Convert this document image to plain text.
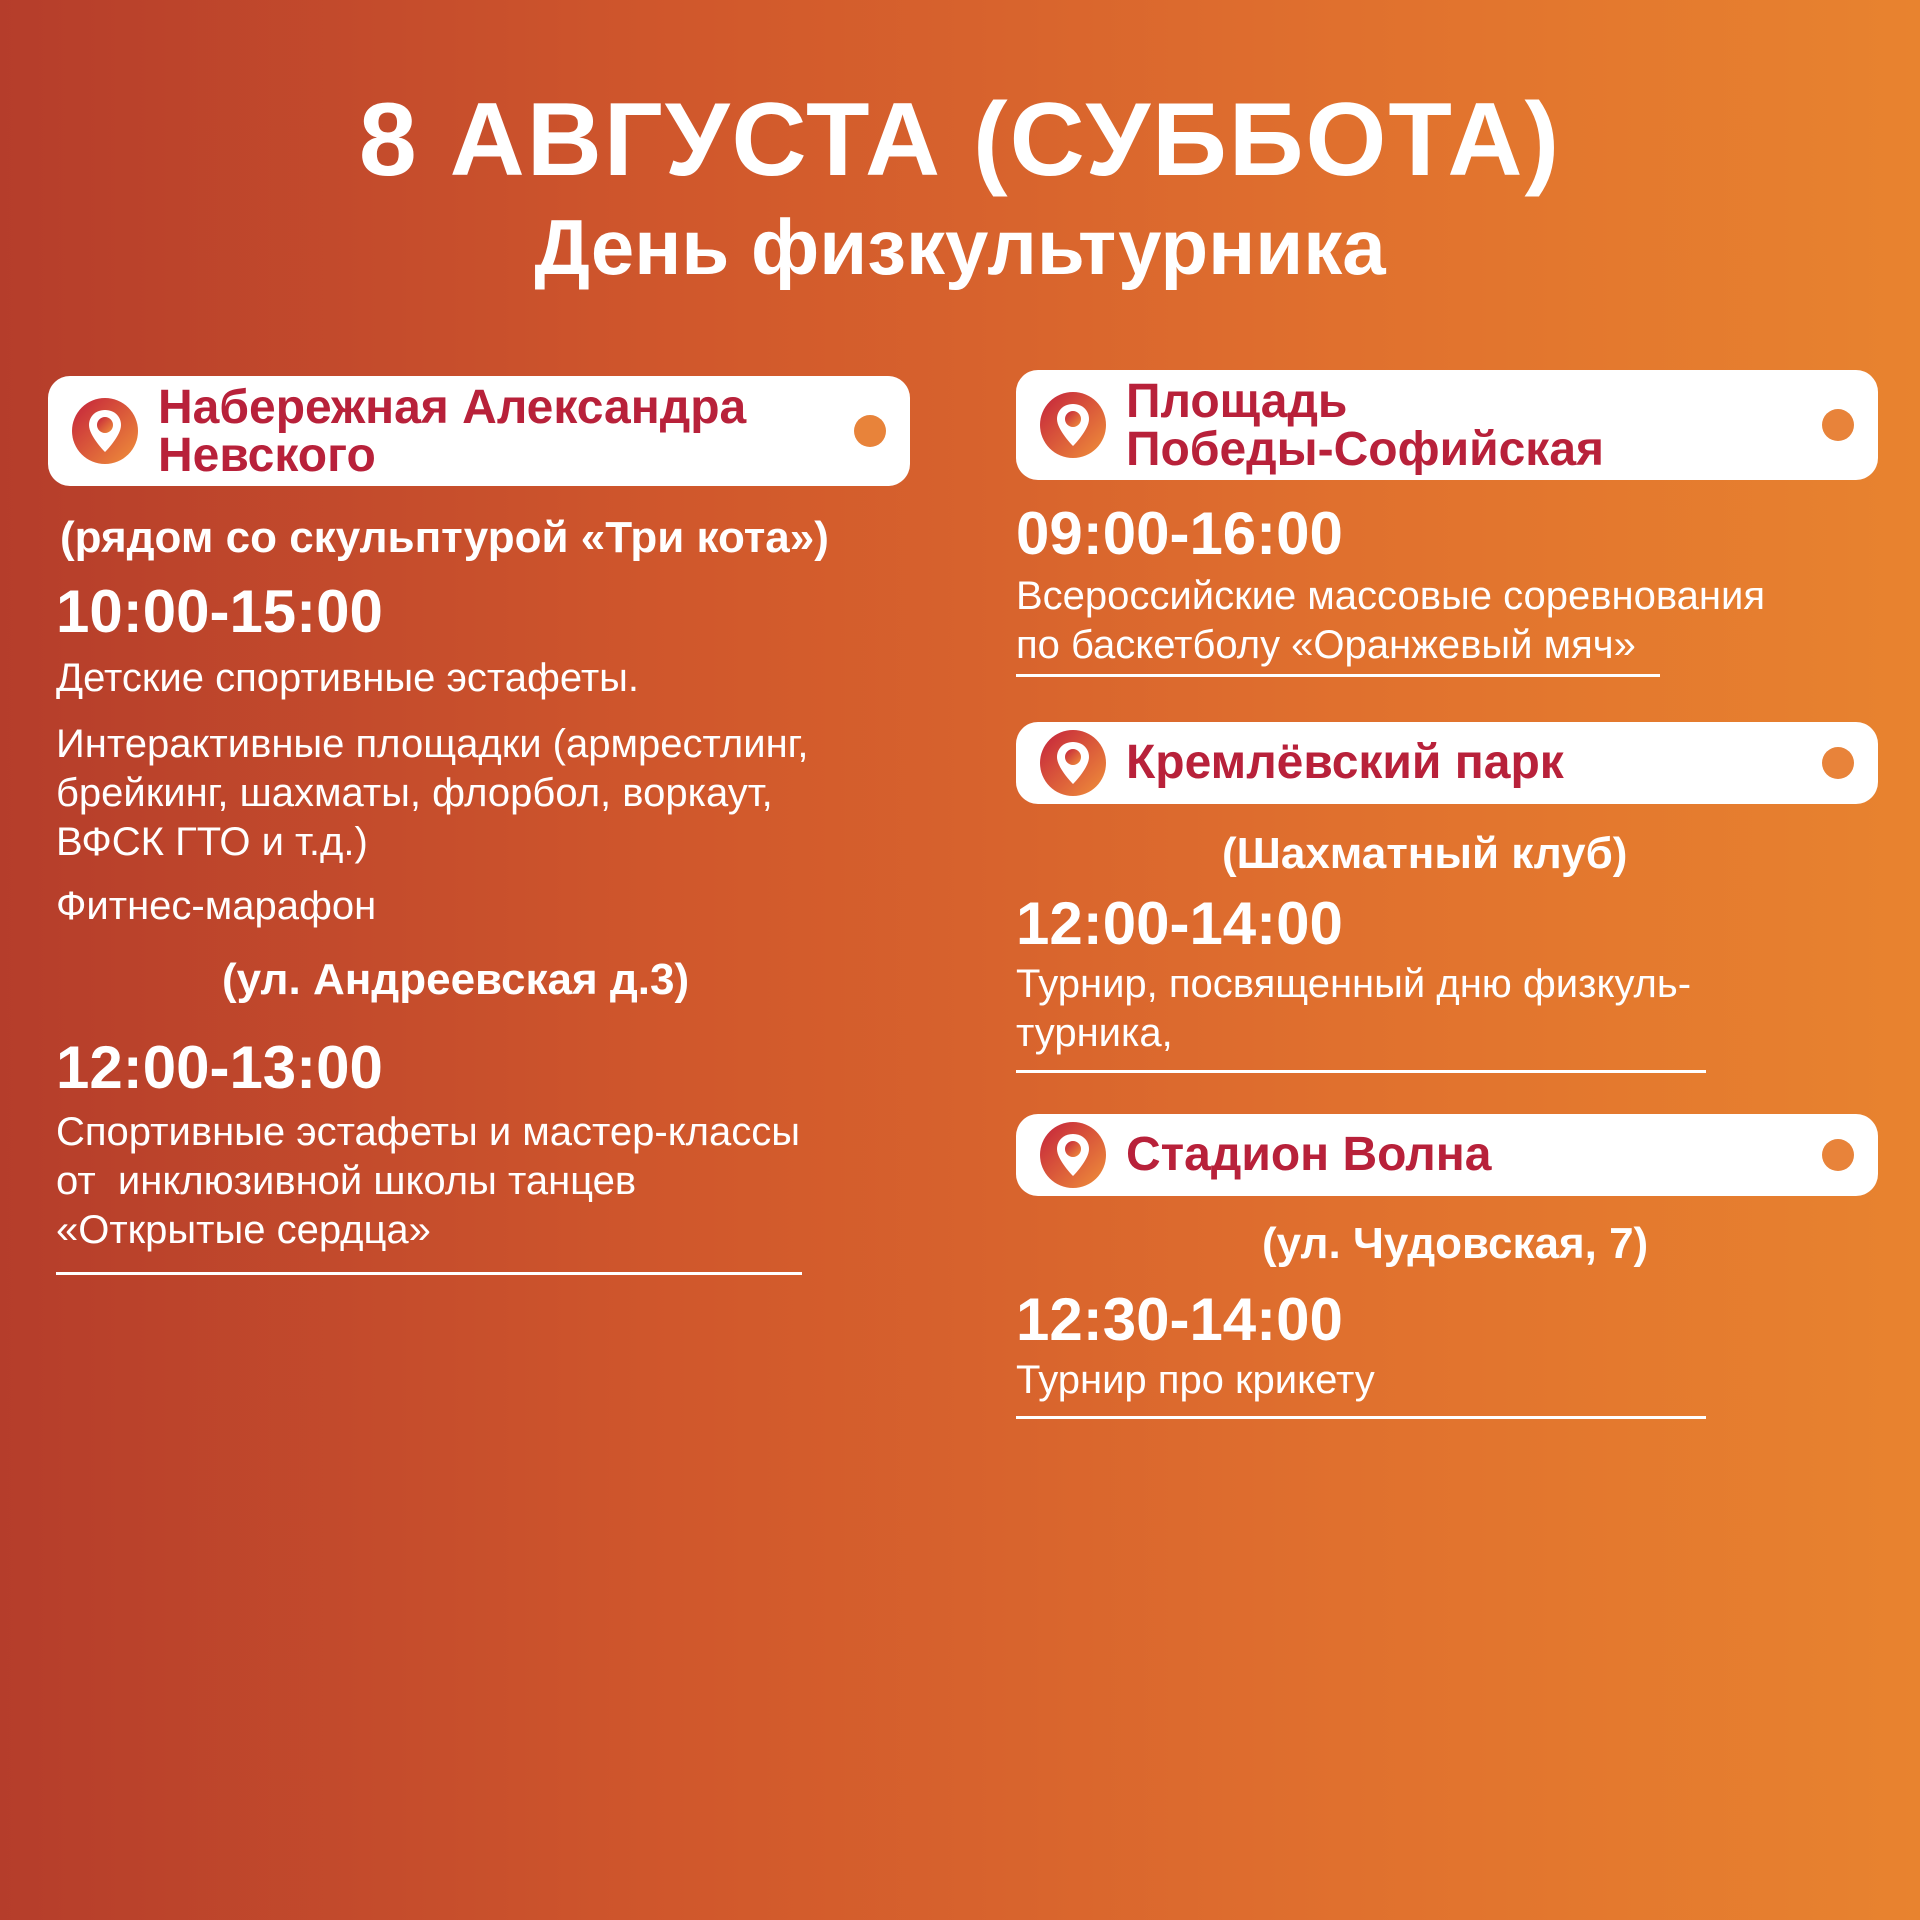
8 АВГУСТА (СУББОТА)
День физкультурника
Набережная Александра
Невского
(рядом со скульптурой «Три кота»)
10:00-15:00
Детские спортивные эстафеты.
Интерактивные площадки (армрестлинг,
брейкинг, шахматы, флорбол, воркаут,
ВФСК ГТО и т.д.)
Фитнес-марафон
(ул. Андреевская д.3)
12:00-13:00
Спортивные эстафеты и мастер-классы
от  инклюзивной школы танцев
«Открытые сердца»
Площадь
Победы-Софийская
09:00-16:00
Всероссийские массовые соревнования
по баскетболу «Оранжевый мяч»
Кремлёвский парк
(Шахматный клуб)
12:00-14:00
Турнир, посвященный дню физкуль-
турника,
Стадион Волна
(ул. Чудовская, 7)
12:30-14:00
Турнир про крикету
